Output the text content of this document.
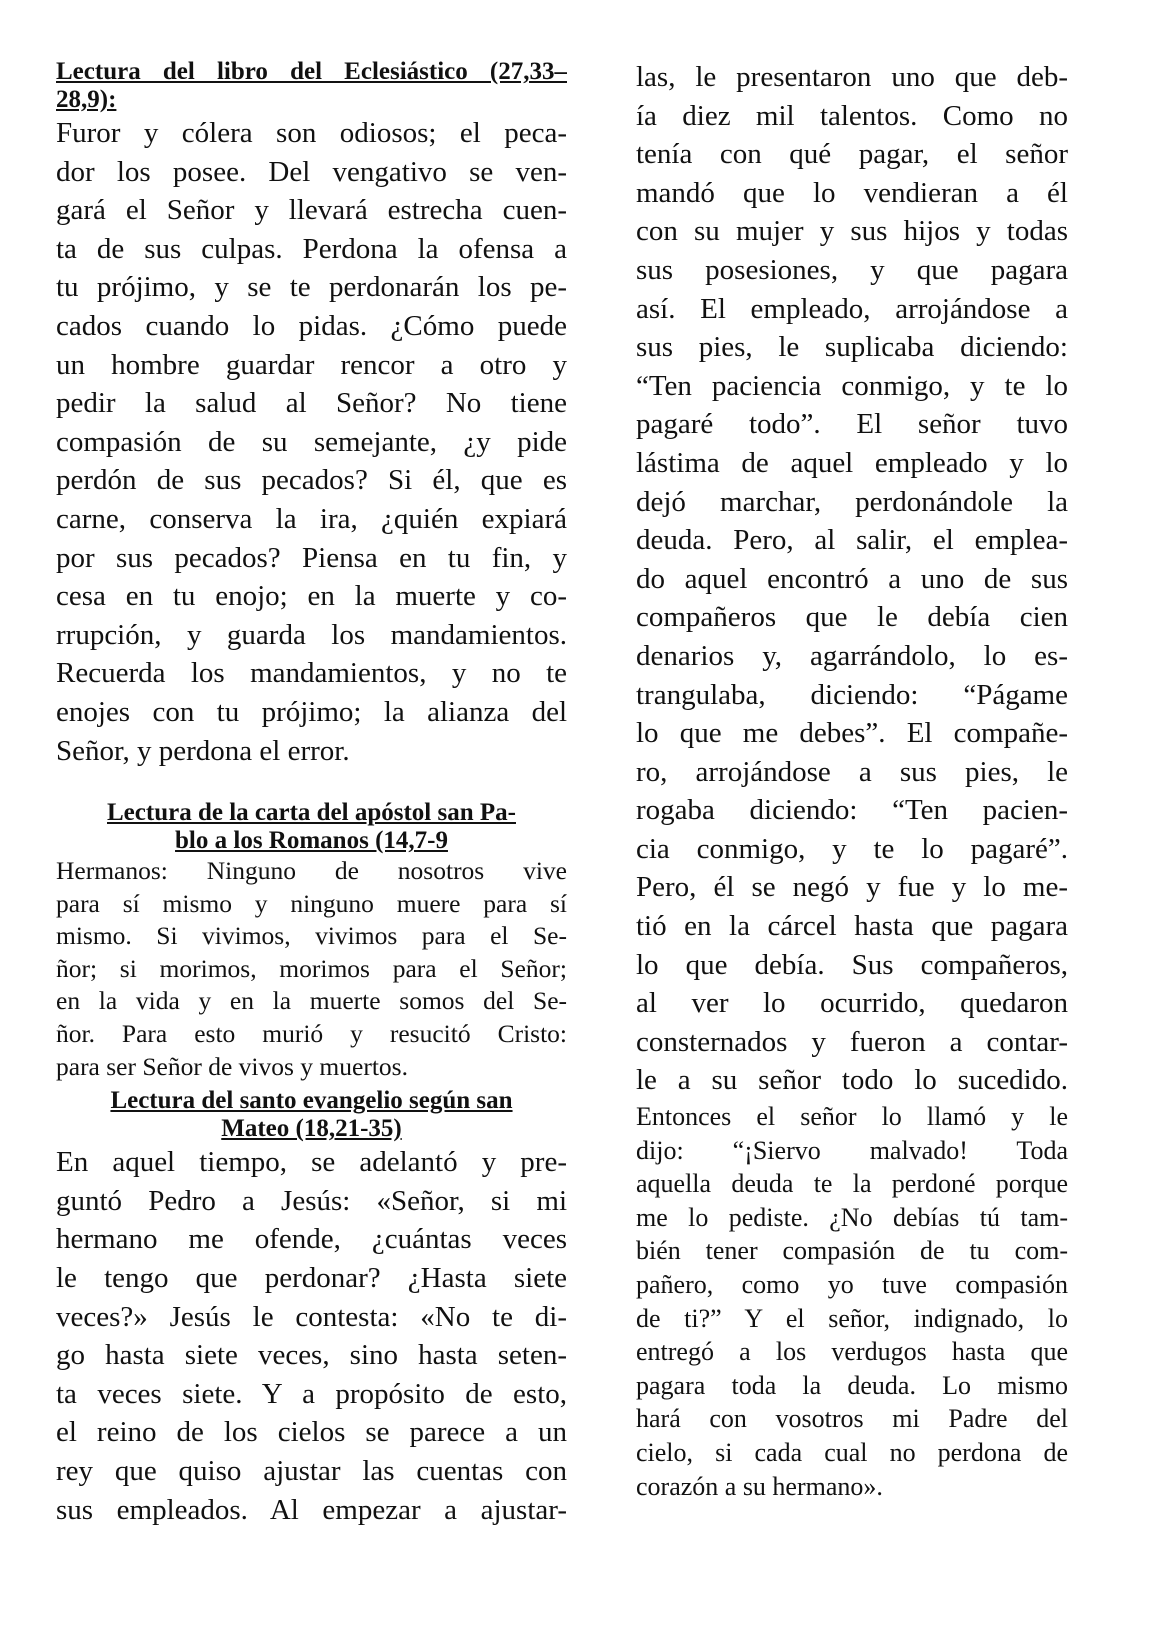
Lectura del libro del Eclesiástico (27,33–
28,9):
Furor y cólera son odiosos; el peca-
dor los posee. Del vengativo se ven-
gará el Señor y llevará estrecha cuen-
ta de sus culpas. Perdona la ofensa a
tu prójimo, y se te perdonarán los pe-
cados cuando lo pidas. ¿Cómo puede
un hombre guardar rencor a otro y
pedir la salud al Señor? No tiene
compasión de su semejante, ¿y pide
perdón de sus pecados? Si él, que es
carne, conserva la ira, ¿quién expiará
por sus pecados? Piensa en tu fin, y
cesa en tu enojo; en la muerte y co-
rrupción, y guarda los mandamientos.
Recuerda los mandamientos, y no te
enojes con tu prójimo; la alianza del
Señor, y perdona el error.
Lectura de la carta del apóstol san Pa-
blo a los Romanos (14,7-9
Hermanos: Ninguno de nosotros vive
para sí mismo y ninguno muere para sí
mismo. Si vivimos, vivimos para el Se-
ñor; si morimos, morimos para el Señor;
en la vida y en la muerte somos del Se-
ñor. Para esto murió y resucitó Cristo:
para ser Señor de vivos y muertos.
Lectura del santo evangelio según san
Mateo (18,21-35)
En aquel tiempo, se adelantó y pre-
guntó Pedro a Jesús: «Señor, si mi
hermano me ofende, ¿cuántas veces
le tengo que perdonar? ¿Hasta siete
veces?» Jesús le contesta: «No te di-
go hasta siete veces, sino hasta seten-
ta veces siete. Y a propósito de esto,
el reino de los cielos se parece a un
rey que quiso ajustar las cuentas con
sus empleados. Al empezar a ajustar-
las, le presentaron uno que deb-
ía diez mil talentos. Como no
tenía con qué pagar, el señor
mandó que lo vendieran a él
con su mujer y sus hijos y todas
sus posesiones, y que pagara
así. El empleado, arrojándose a
sus pies, le suplicaba diciendo:
“Ten paciencia conmigo, y te lo
pagaré todo”. El señor tuvo
lástima de aquel empleado y lo
dejó marchar, perdonándole la
deuda. Pero, al salir, el emplea-
do aquel encontró a uno de sus
compañeros que le debía cien
denarios y, agarrándolo, lo es-
trangulaba, diciendo: “Págame
lo que me debes”. El compañe-
ro, arrojándose a sus pies, le
rogaba diciendo: “Ten pacien-
cia conmigo, y te lo pagaré”.
Pero, él se negó y fue y lo me-
tió en la cárcel hasta que pagara
lo que debía. Sus compañeros,
al ver lo ocurrido, quedaron
consternados y fueron a contar-
le a su señor todo lo sucedido.
Entonces el señor lo llamó y le
dijo: “¡Siervo malvado! Toda
aquella deuda te la perdoné porque
me lo pediste. ¿No debías tú tam-
bién tener compasión de tu com-
pañero, como yo tuve compasión
de ti?” Y el señor, indignado, lo
entregó a los verdugos hasta que
pagara toda la deuda. Lo mismo
hará con vosotros mi Padre del
cielo, si cada cual no perdona de
corazón a su hermano».
